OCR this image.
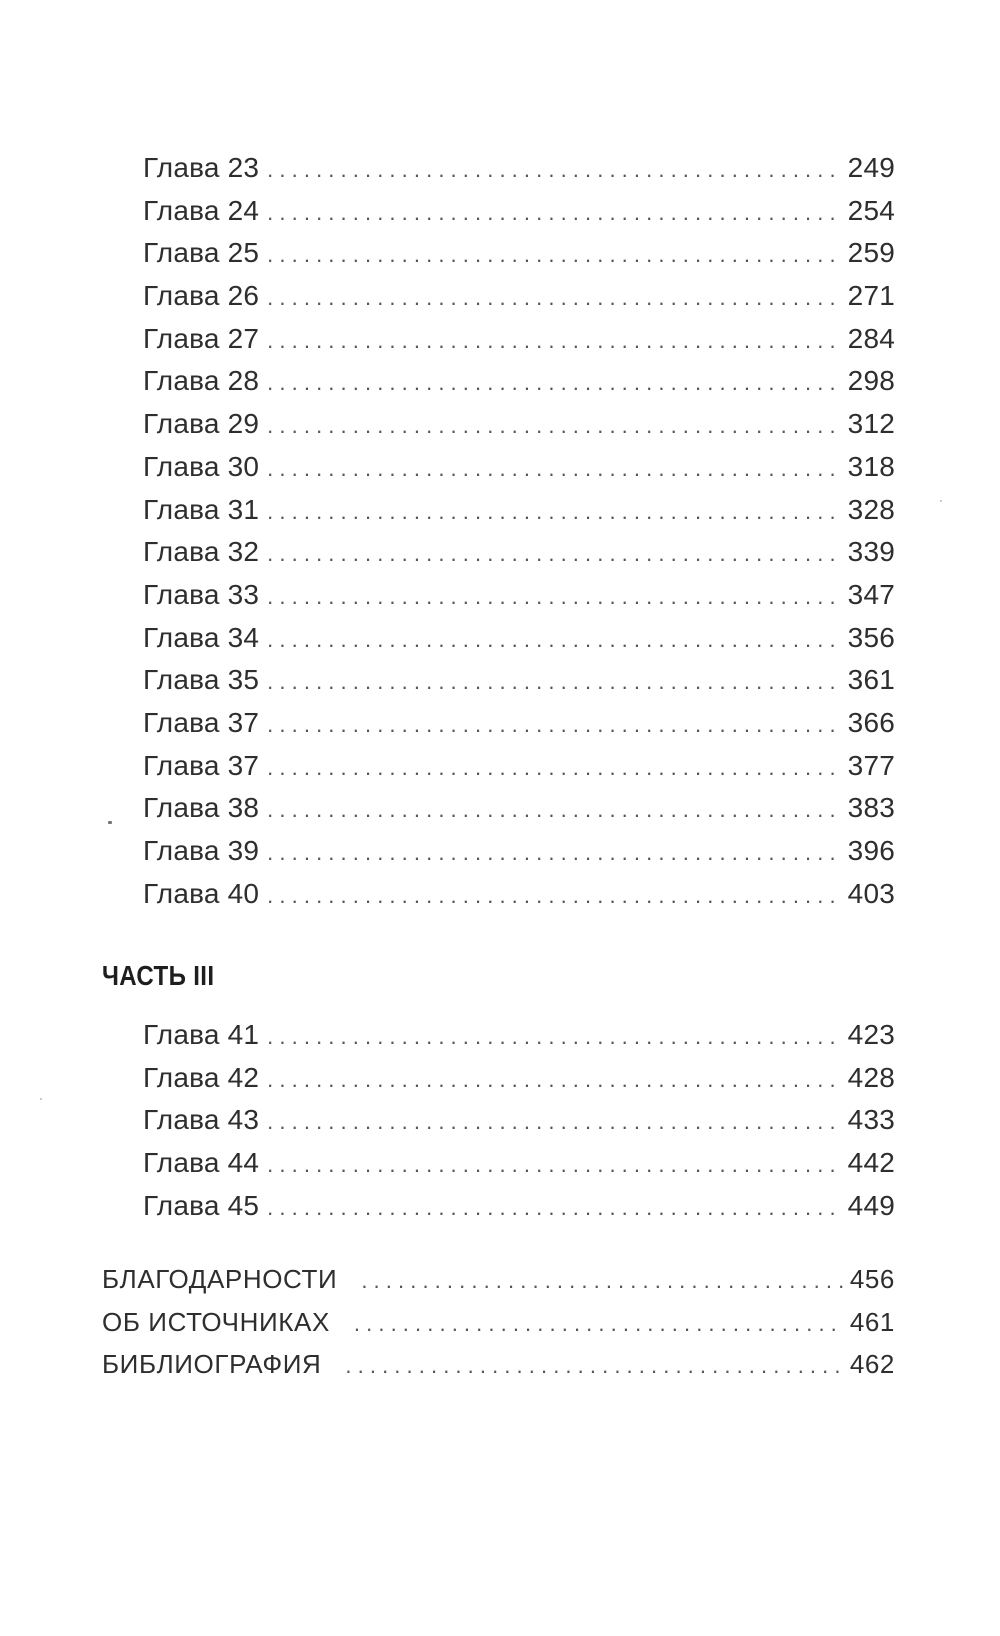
Глава 23 . . .	249
Глава 24 . . .	254
Глава 25 . . .	259
Глава 26 . . .	271
Глава 27 . . .	284
Глава 28 . . .	298
Глава 29 . . .	312
Глава 30 . . .	318
Глава 31 . . .	328
Глава 32 . . .	339
Глава 33 . . .	347
Глава 34 . . .	356
Глава 35 . . .	361
Глава 37 . . .	366
Глава 37 . . .	377
Глава 38 . . .	383
Глава 39 . . .	396
Глава 40 . . .	403
ЧАСТЬ III
Глава 41 . . .	423
Глава 42 . . .	428
Глава 43 . . .	433
Глава 44 . . .	442
Глава 45 . . .	449
БЛАГОДАРНОСТИ . . .	456
ОБ ИСТОЧНИКАХ . . .	461
БИБЛИОГРАФИЯ . . .	462
